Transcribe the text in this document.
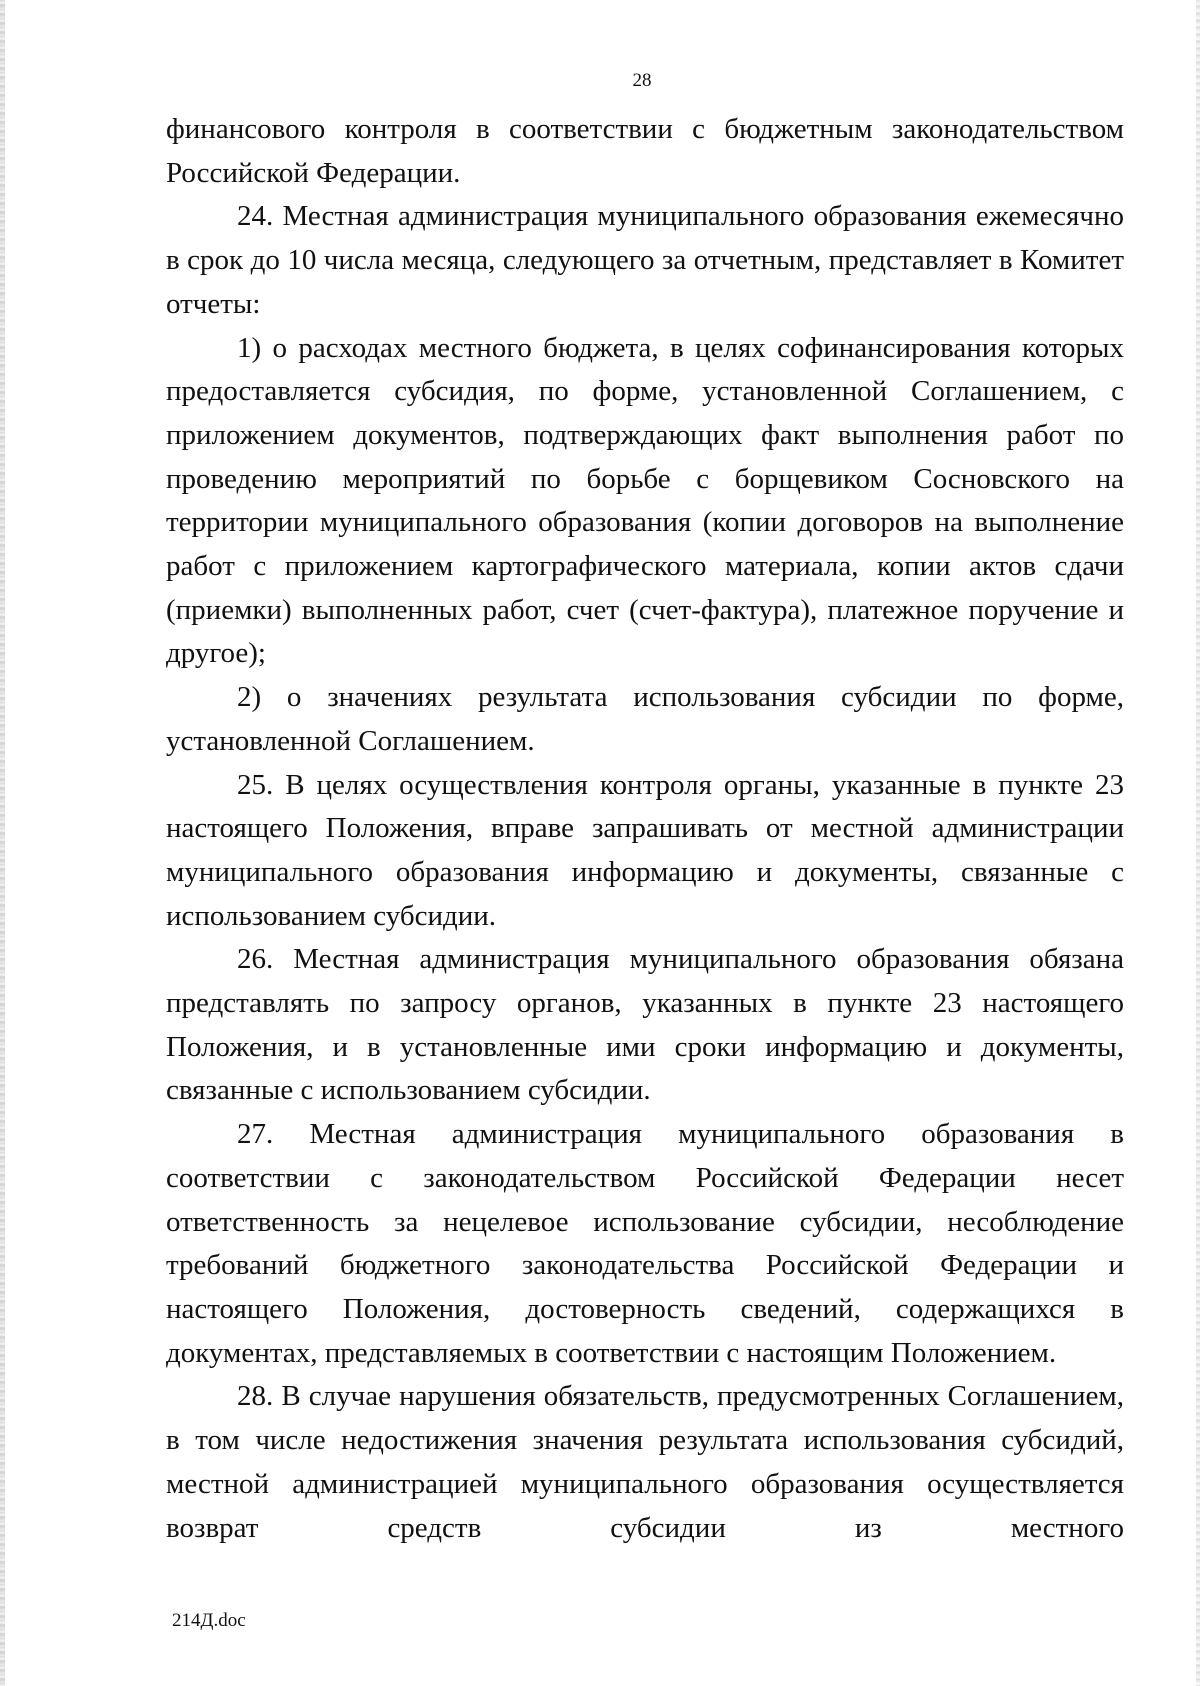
28

финансового контроля в соответствии с бюджетным законодательством Российской Федерации.

24. Местная администрация муниципального образования ежемесячно в срок до 10 числа месяца, следующего за отчетным, представляет в Комитет отчеты:

1) о расходах местного бюджета, в целях софинансирования которых предоставляется субсидия, по форме, установленной Соглашением, с приложением документов, подтверждающих факт выполнения работ по проведению мероприятий по борьбе с борщевиком Сосновского на территории муниципального образования (копии договоров на выполнение работ с приложением картографического материала, копии актов сдачи (приемки) выполненных работ, счет (счет-фактура), платежное поручение и другое);

2) о значениях результата использования субсидии по форме, установленной Соглашением.

25. В целях осуществления контроля органы, указанные в пункте 23 настоящего Положения, вправе запрашивать от местной администрации муниципального образования информацию и документы, связанные с использованием субсидии.

26. Местная администрация муниципального образования обязана представлять по запросу органов, указанных в пункте 23 настоящего Положения, и в установленные ими сроки информацию и документы, связанные с использованием субсидии.

27. Местная администрация муниципального образования в соответствии с законодательством Российской Федерации несет ответственность за нецелевое использование субсидии, несоблюдение требований бюджетного законодательства Российской Федерации и настоящего Положения, достоверность сведений, содержащихся в документах, представляемых в соответствии с настоящим Положением.

28. В случае нарушения обязательств, предусмотренных Соглашением, в том числе недостижения значения результата использования субсидий, местной администрацией муниципального образования осуществляется возврат средств субсидии из местного

214Д.doc
